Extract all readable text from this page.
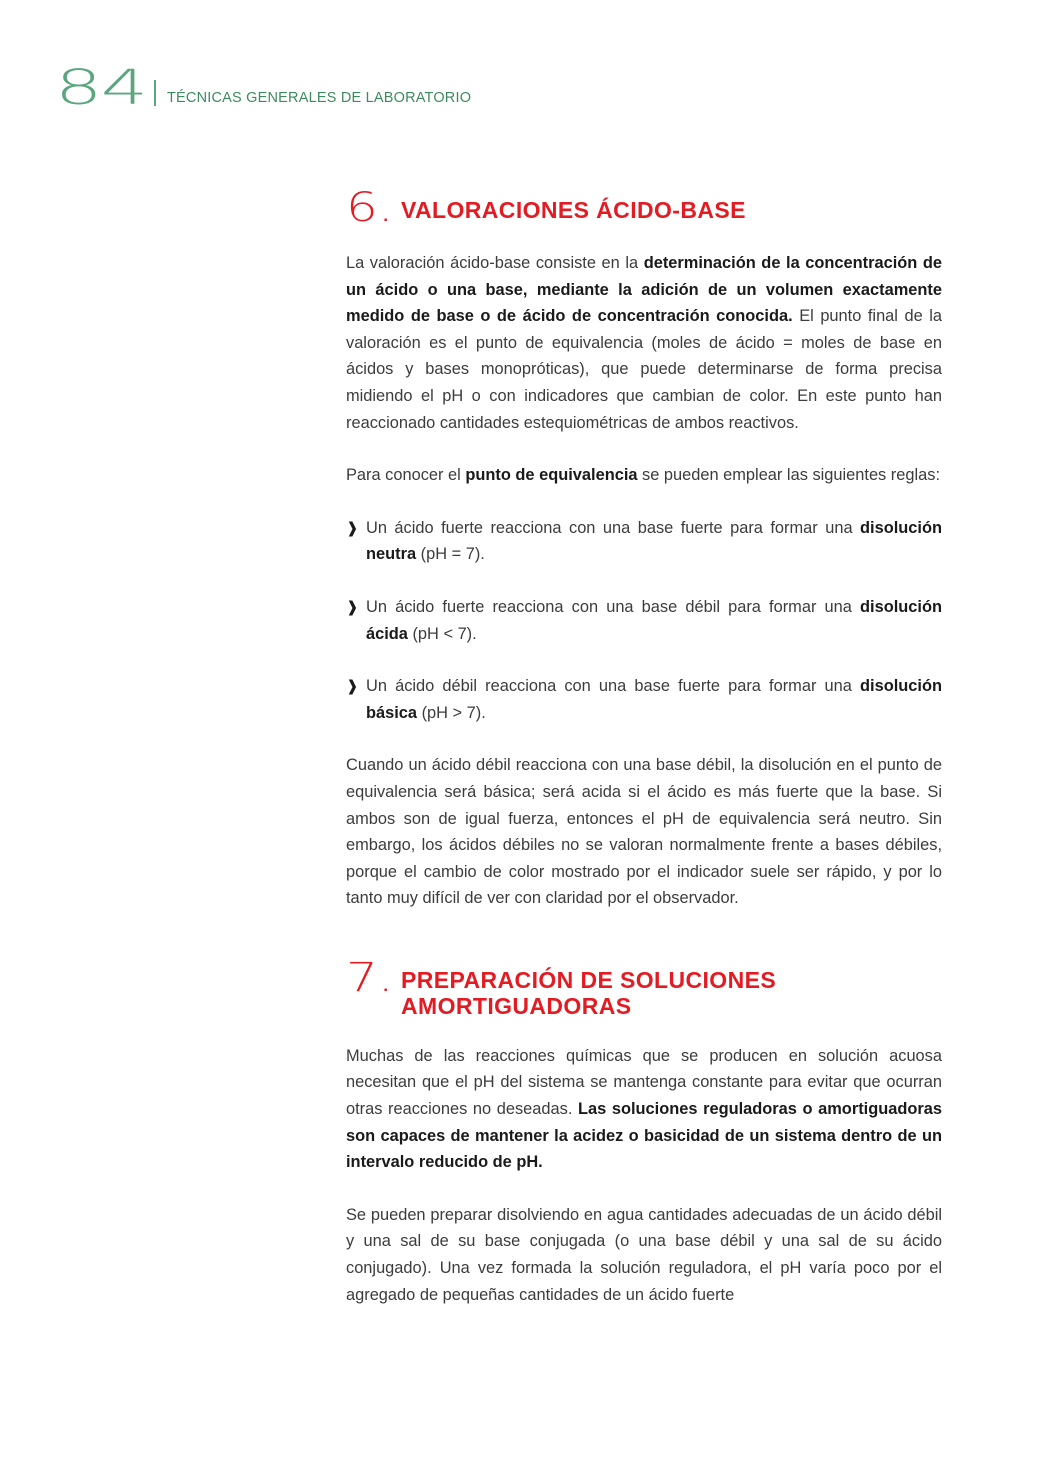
84 TÉCNICAS GENERALES DE LABORATORIO
6. VALORACIONES ÁCIDO-BASE

La valoración ácido-base consiste en la determinación de la concentración de un ácido o una base, mediante la adición de un volumen exactamente medido de base o de ácido de concentración conocida. El punto final de la valoración es el punto de equivalencia (moles de ácido = moles de base en ácidos y bases monopróticas), que puede determinarse de forma precisa midiendo el pH o con indicadores que cambian de color. En este punto han reaccionado cantidades estequiométricas de ambos reactivos.

Para conocer el punto de equivalencia se pueden emplear las siguientes reglas:

❱ Un ácido fuerte reacciona con una base fuerte para formar una disolución neutra (pH = 7).
❱ Un ácido fuerte reacciona con una base débil para formar una disolución ácida (pH < 7).
❱ Un ácido débil reacciona con una base fuerte para formar una disolución básica (pH > 7).

Cuando un ácido débil reacciona con una base débil, la disolución en el punto de equivalencia será básica; será acida si el ácido es más fuerte que la base. Si ambos son de igual fuerza, entonces el pH de equivalencia será neutro. Sin embargo, los ácidos débiles no se valoran normalmente frente a bases débiles, porque el cambio de color mostrado por el indicador suele ser rápido, y por lo tanto muy difícil de ver con claridad por el observador.

7. PREPARACIÓN DE SOLUCIONES
AMORTIGUADORAS

Muchas de las reacciones químicas que se producen en solución acuosa necesitan que el pH del sistema se mantenga constante para evitar que ocurran otras reacciones no deseadas. Las soluciones reguladoras o amortiguadoras son capaces de mantener la acidez o basicidad de un sistema dentro de un intervalo reducido de pH.

Se pueden preparar disolviendo en agua cantidades adecuadas de un ácido débil y una sal de su base conjugada (o una base débil y una sal de su ácido conjugado). Una vez formada la solución reguladora, el pH varía poco por el agregado de pequeñas cantidades de un ácido fuerte
